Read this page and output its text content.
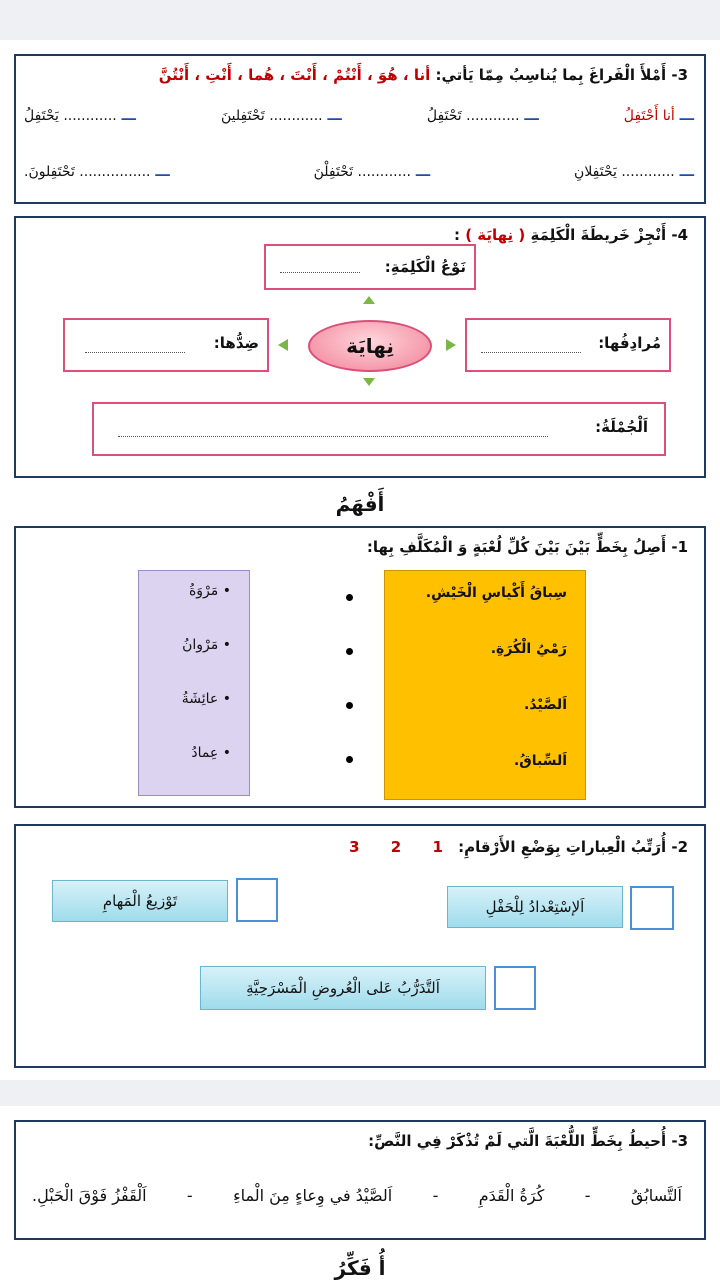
3- أَمْلأَ الْفَراغَ بِما يُناسِبُ مِمّا يَأتي: أنا ، هُوَ ، أَنْتُمْ ، أَنْتَ ، هُما ، أَنْتِ ، أَنْتُنَّ
ـــ أنا أَحْتَفِلُ
ـــ ............ تَحْتَفِلُ
ـــ ............ تَحْتَفِلينَ
ـــ ............ يَحْتَفِلُ
ـــ ............ يَحْتَفِلانِ
ـــ ............ تَحْتَفِلْنَ
ـــ ................ تَحْتَفِلونَ.
4- أَنْجِزْ خَريطَةَ الْكَلِمَةِ ( نِهايَة ) :
نَوْعُ الْكَلِمَةِ:
مُرادِفُها:
نِهايَة
ضِدُّها:
اَلْجُمْلَةُ:
أَفْهَمُ
1- أَصِلُ بِخَطٍّ بَيْنَ بَيْنَ كُلِّ لُعْبَةٍ وَ الْمُكَلَّفِ بِها:
سِباقُ أَكْياسِ الْخَيْشِ.
رَمْيُ الْكُرَةِ.
اَلصَّيْدُ.
اَلسِّباقُ.
• مَرْوَةُ
• مَرْوانُ
• عائِشَةُ
• عِمادُ
2- أُرَتِّبُ الْعِباراتِ بِوَضْعِ الأَرْقامِ: 1 2 3
اَلإسْتِعْدادُ لِلْحَفْلِ
تَوْزيعُ الْمَهامِ
اَلتَّدَرُّبُ عَلى الْعُروضِ الْمَسْرَحِيَّةِ
3- أُحيطُ بِخَطٍّ اللُّعْبَةَ الَّتي لَمْ تُذْكَرْ فِي النَّصِّ:
اَلتَّسابُقُ
-
كُرَةُ الْقَدَمِ
-
اَلصَّيْدُ في وِعاءٍ مِنَ الْماءِ
-
اَلْقَفْزُ فَوْقَ الْحَبْلِ.
أُ فَكِّرُ
